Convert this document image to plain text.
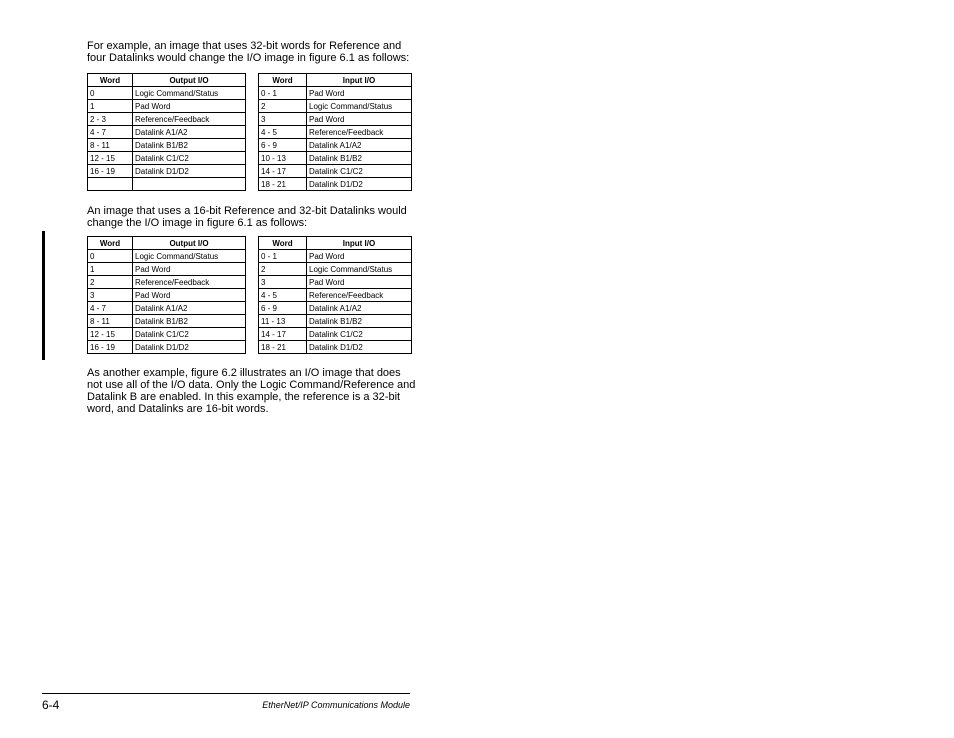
For example, an image that uses 32-bit words for Reference and four Datalinks would change the I/O image in figure 6.1 as follows:

Word	Output I/O		Word	Input I/O
0	Logic Command/Status		0 - 1	Pad Word
1	Pad Word		2	Logic Command/Status
2 - 3	Reference/Feedback		3	Pad Word
4 - 7	Datalink A1/A2		4 - 5	Reference/Feedback
8 - 11	Datalink B1/B2		6 - 9	Datalink A1/A2
12 - 15	Datalink C1/C2		10 - 13	Datalink B1/B2
16 - 19	Datalink D1/D2		14 - 17	Datalink C1/C2
			18 - 21	Datalink D1/D2

An image that uses a 16-bit Reference and 32-bit Datalinks would change the I/O image in figure 6.1 as follows:

Word	Output I/O		Word	Input I/O
0	Logic Command/Status		0 - 1	Pad Word
1	Pad Word		2	Logic Command/Status
2	Reference/Feedback		3	Pad Word
3	Pad Word		4 - 5	Reference/Feedback
4 - 7	Datalink A1/A2		6 - 9	Datalink A1/A2
8 - 11	Datalink B1/B2		11 - 13	Datalink B1/B2
12 - 15	Datalink C1/C2		14 - 17	Datalink C1/C2
16 - 19	Datalink D1/D2		18 - 21	Datalink D1/D2

As another example, figure 6.2 illustrates an I/O image that does not use all of the I/O data. Only the Logic Command/Reference and Datalink B are enabled. In this example, the reference is a 32-bit word, and Datalinks are 16-bit words.

6-4	EtherNet/IP Communications Module
